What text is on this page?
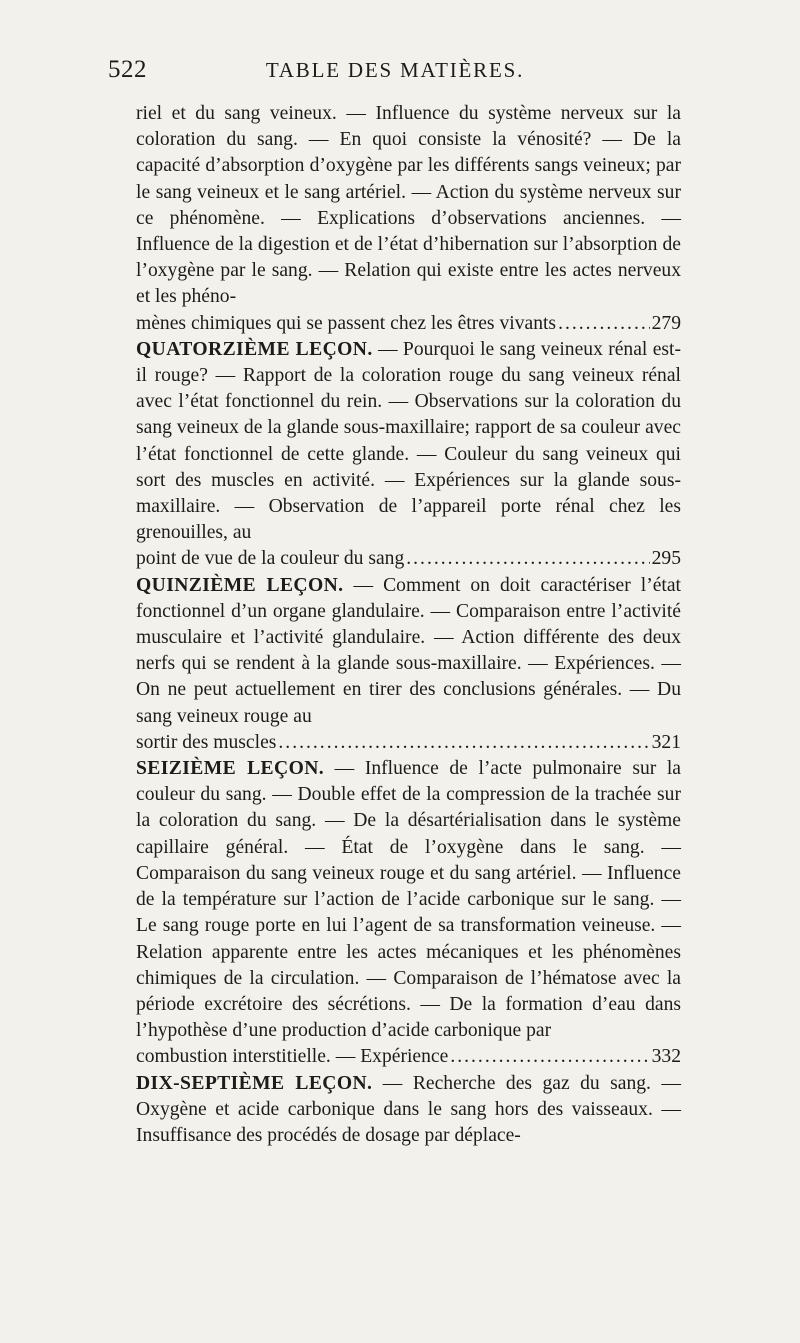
522	TABLE DES MATIÈRES.
riel et du sang veineux. — Influence du système nerveux sur la coloration du sang. — En quoi consiste la vénosité? — De la capacité d’absorption d’oxygène par les différents sangs veineux; par le sang veineux et le sang artériel. — Action du système nerveux sur ce phénomène. — Explications d’observations anciennes. — Influence de la digestion et de l’état d’hibernation sur l’absorption de l’oxygène par le sang. — Relation qui existe entre les actes nerveux et les phéno-
mènes chimiques qui se passent chez les êtres vivants .....	279
QUATORZIÈME LEÇON. — Pourquoi le sang veineux rénal est-il rouge? — Rapport de la coloration rouge du sang veineux rénal avec l’état fonctionnel du rein. — Observations sur la coloration du sang veineux de la glande sous-maxillaire; rapport de sa couleur avec l’état fonctionnel de cette glande. — Couleur du sang veineux qui sort des muscles en activité. — Expériences sur la glande sous-maxillaire. — Observation de l’appareil porte rénal chez les grenouilles, au
point de vue de la couleur du sang .....	295
QUINZIÈME LEÇON. — Comment on doit caractériser l’état fonctionnel d’un organe glandulaire. — Comparaison entre l’activité musculaire et l’activité glandulaire. — Action différente des deux nerfs qui se rendent à la glande sous-maxillaire. — Expériences. — On ne peut actuellement en tirer des conclusions générales. — Du sang veineux rouge au
sortir des muscles .....	321
SEIZIÈME LEÇON. — Influence de l’acte pulmonaire sur la couleur du sang. — Double effet de la compression de la trachée sur la coloration du sang. — De la désartérialisation dans le système capillaire général. — État de l’oxygène dans le sang. — Comparaison du sang veineux rouge et du sang artériel. — Influence de la température sur l’action de l’acide carbonique sur le sang. — Le sang rouge porte en lui l’agent de sa transformation veineuse. — Relation apparente entre les actes mécaniques et les phénomènes chimiques de la circulation. — Comparaison de l’hématose avec la période excrétoire des sécrétions. — De la formation d’eau dans l’hypothèse d’une production d’acide carbonique par
combustion interstitielle. — Expérience .....	332
DIX-SEPTIÈME LEÇON. — Recherche des gaz du sang. — Oxygène et acide carbonique dans le sang hors des vaisseaux. — Insuffisance des procédés de dosage par déplace-
